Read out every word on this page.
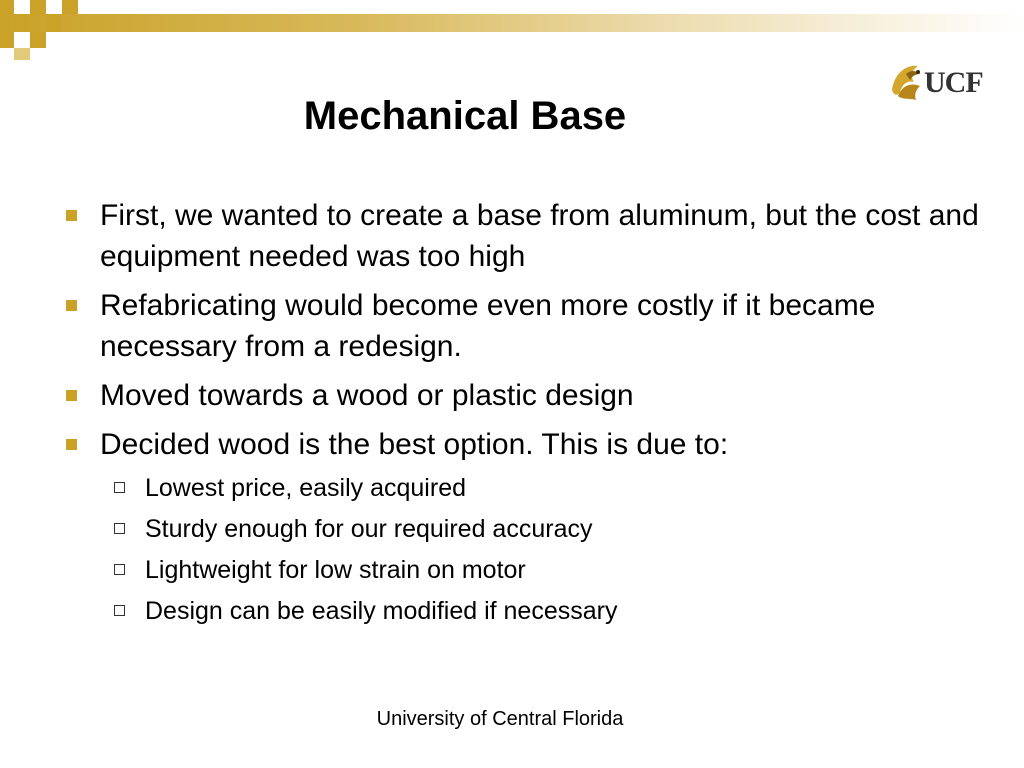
UCF
Mechanical Base
First, we wanted to create a base from aluminum, but the cost and equipment needed was too high
Refabricating would become even more costly if it became necessary from a redesign.
Moved towards a wood or plastic design
Decided wood is the best option. This is due to:
Lowest price, easily acquired
Sturdy enough for our required accuracy
Lightweight for low strain on motor
Design can be easily modified if necessary
University of Central Florida
